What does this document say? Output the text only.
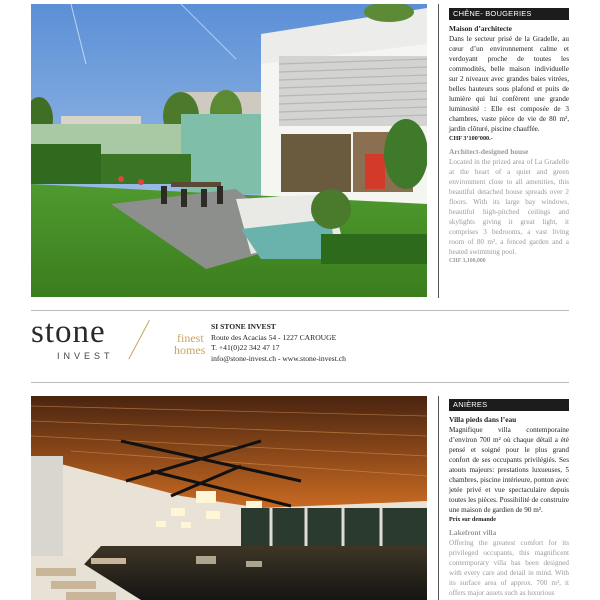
CHÊNE- BOUGERIES
Maison d’architecte
Dans le secteur prisé de la Gradelle, au cœur d’un environnement calme et verdoyant proche de toutes les commodités, belle maison individuelle sur 2 niveaux avec grandes baies vitrées, belles hauteurs sous plafond et puits de lumière qui lui confèrent une grande luminosité : Elle est composée de 3 chambres, vaste pièce de vie de 80 m², jardin clôturé, piscine chauffée.
CHF 3’100’000.-
Architect-designed house
Located in the prized area of La Gradelle at the heart of a quiet and green environment close to all amenities, this beautiful detached house spreads over 2 floors. With its large bay windows, beautiful high-pitched ceilings and skylights giving it great light, it comprises 3 bedrooms, a vast living room of 80 m², a fenced garden and a heated swimming pool.
CHF 3,100,000
stone
INVEST
finest
homes
SI STONE INVEST
Route des Acacias 54 - 1227 CAROUGE
T. +41(0)22 342 47 17
info@stone-invest.ch - www.stone-invest.ch
ANIÈRES
Villa pieds dans l’eau
Magnifique villa contemporaine d’environ 700 m² où chaque détail a été pensé et soigné pour le plus grand confort de ses occupants privilégiés. Ses atouts majeurs: prestations luxueuses, 5 chambres, piscine intérieure, ponton avec jetée privé et vue spectaculaire depuis toutes les pièces. Possibilité de construire une maison de gardien de 90 m².
Prix sur demande
Lakefront villa
Offering the greatest comfort for its privileged occupants, this magnificent contemporary villa has been designed with every care and detail in mind. With its surface area of approx. 700 m², it offers major assets such as luxurious
